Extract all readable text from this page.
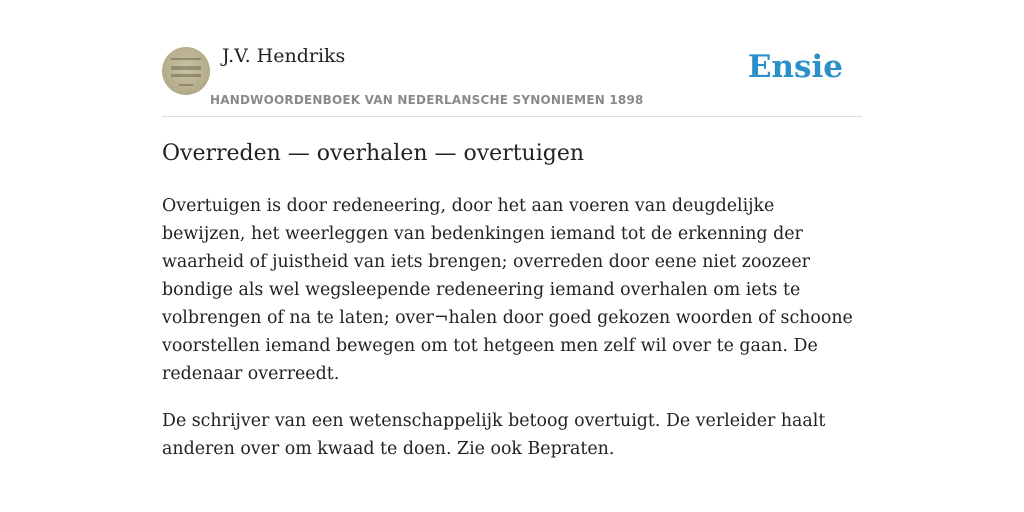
J.V. Hendriks
HANDWOORDENBOEK VAN NEDERLANSCHE SYNONIEMEN 1898
Ensie
Overreden — overhalen — overtuigen

Overtuigen is door redeneering, door het aan voeren van deugdelijke bewijzen, het weerleggen van bedenkingen iemand tot de erkenning der waarheid of juistheid van iets brengen; overreden door eene niet zoozeer bondige als wel wegsleepende redeneering iemand overhalen om iets te volbrengen of na te laten; over¬halen door goed gekozen woorden of schoone voorstellen iemand bewegen om tot hetgeen men zelf wil over te gaan. De redenaar overreedt.

De schrijver van een wetenschappelijk betoog overtuigt. De verleider haalt anderen over om kwaad te doen. Zie ook Bepraten.
